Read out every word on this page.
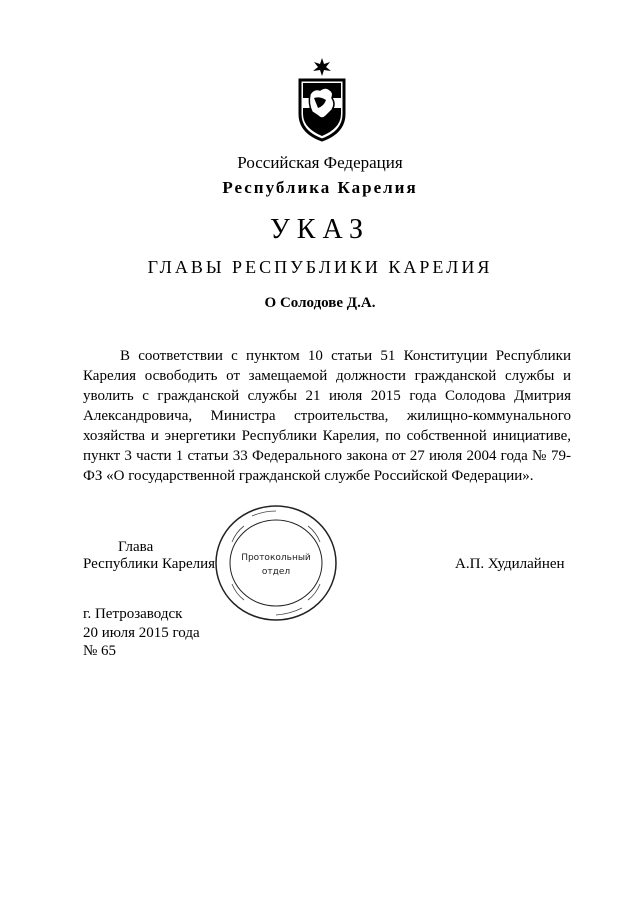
Российская Федерация
Республика Карелия
УКАЗ
ГЛАВЫ РЕСПУБЛИКИ КАРЕЛИЯ
О Солодове Д.А.
В соответствии с пунктом 10 статьи 51 Конституции Республики Карелия освободить от замещаемой должности гражданской службы и уволить с гражданской службы 21 июля 2015 года Солодова Дмитрия Александровича, Министра строительства, жилищно-коммунального хозяйства и энергетики Республики Карелия, по собственной инициативе, пункт 3 части 1 статьи 33 Федерального закона от 27 июля 2004 года № 79-ФЗ «О государственной гражданской службе Российской Федерации».
Глава
Республики Карелия	А.П. Худилайнен
Протокольный
отдел
г. Петрозаводск
20 июля 2015 года
№ 65
